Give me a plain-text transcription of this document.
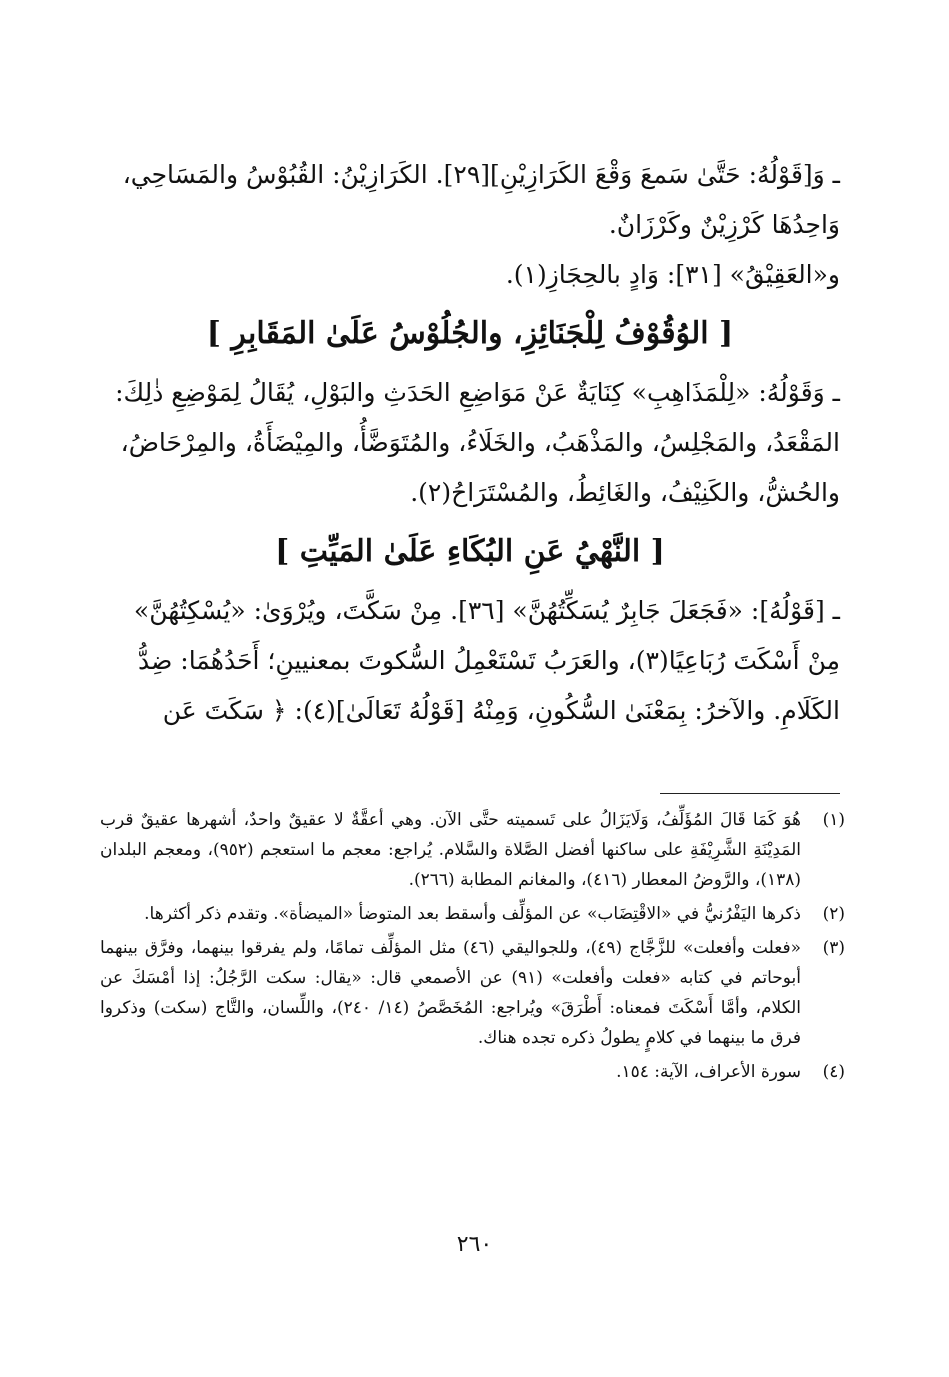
ـ وَ[قَوْلُهُ: حَتَّىٰ سَمعَ وَقْعَ الكَرَازِيْنِ][٢٩]. الكَرَازِيْنُ: القُبُوْسُ والمَسَاحِي، وَاحِدُهَا كَرْزِيْنٌ وكَرْزَانٌ.

و«العَقِيْقُ» [٣١]: وَادٍ بالحِجَازِ(١).

[ الوُقُوْفُ لِلْجَنَائِزِ، والجُلُوْسُ عَلَىٰ المَقَابِرِ ]

ـ وَقَوْلُهُ: «لِلْمَذَاهِبِ» كِنَايَةٌ عَنْ مَوَاضِعِ الحَدَثِ والبَوْلِ، يُقَالُ لِمَوْضِعِ ذٰلِكَ: المَقْعَدُ، والمَجْلِسُ، والمَذْهَبُ، والخَلَاءُ، والمُتَوَضَّأُ، والمِيْضَأَةُ، والمِرْحَاضُ، والحُشُّ، والكَنِيْفُ، والغَائِطُ، والمُسْتَرَاحُ(٢).

[ النَّهْيُ عَنِ البُكَاءِ عَلَىٰ المَيِّتِ ]

ـ [قَوْلُهُ]: «فَجَعَلَ جَابِرٌ يُسَكِّتُهُنَّ» [٣٦]. مِنْ سَكَّتَ، ويُرْوَىٰ: «يُسْكِتُهُنَّ» مِنْ أَسْكَتَ رُبَاعِيًا(٣)، والعَرَبُ تَسْتَعْمِلُ السُّكوتَ بمعنيينِ؛ أَحَدُهُمَا: ضِدُّ الكَلَامِ. والآخرُ: بِمَعْنَىٰ السُّكُونِ، وَمِنْهُ [قَوْلُهُ تَعَالَىٰ](٤): ﴿ سَكَتَ عَن

(١)
هُوَ كَمَا قَالَ المُؤَلِّفُ، وَلَايَزَالُ على تَسميته حتَّى الآن. وهي أعقَّةٌ لا عقيقٌ واحدٌ، أشهرها عقيقٌ قرب المَدِيْنَةِ الشَّرِيْفَةِ على ساكنها أفضل الصَّلاة والسَّلام. يُراجع: معجم ما استعجم (٩٥٢)، ومعجم البلدان (١٣٨)، والرَّوضُ المعطار (٤١٦)، والمغانم المطابة (٢٦٦).
(٢)
ذكرها اليَفْرُنيُّ في «الاقْتِضَاب» عن المؤلِّف وأسقط بعد المتوضأ «الميضأة». وتقدم ذكر أكثرها.
(٣)
«فعلت وأفعلت» للزَّجَّاج (٤٩)، وللجواليقي (٤٦) مثل المؤلِّف تمامًا، ولم يفرقوا بينهما، وفرَّق بينهما أبوحاتم في كتابه «فعلت وأفعلت» (٩١) عن الأصمعي قال: «يقال: سكت الرَّجُلُ: إذا أمْسَكَ عن الكلام، وأمَّا أَسْكَتَ فمعناه: أَطْرَقَ» ويُراجع: المُخَصَّصُ (١٤/ ٢٤٠)، واللِّسان، والتَّاج (سكت) وذكروا فرق ما بينهما في كلامٍ يطولُ ذكره تجده هناك.
(٤)
سورة الأعراف، الآية: ١٥٤.
٢٦٠
